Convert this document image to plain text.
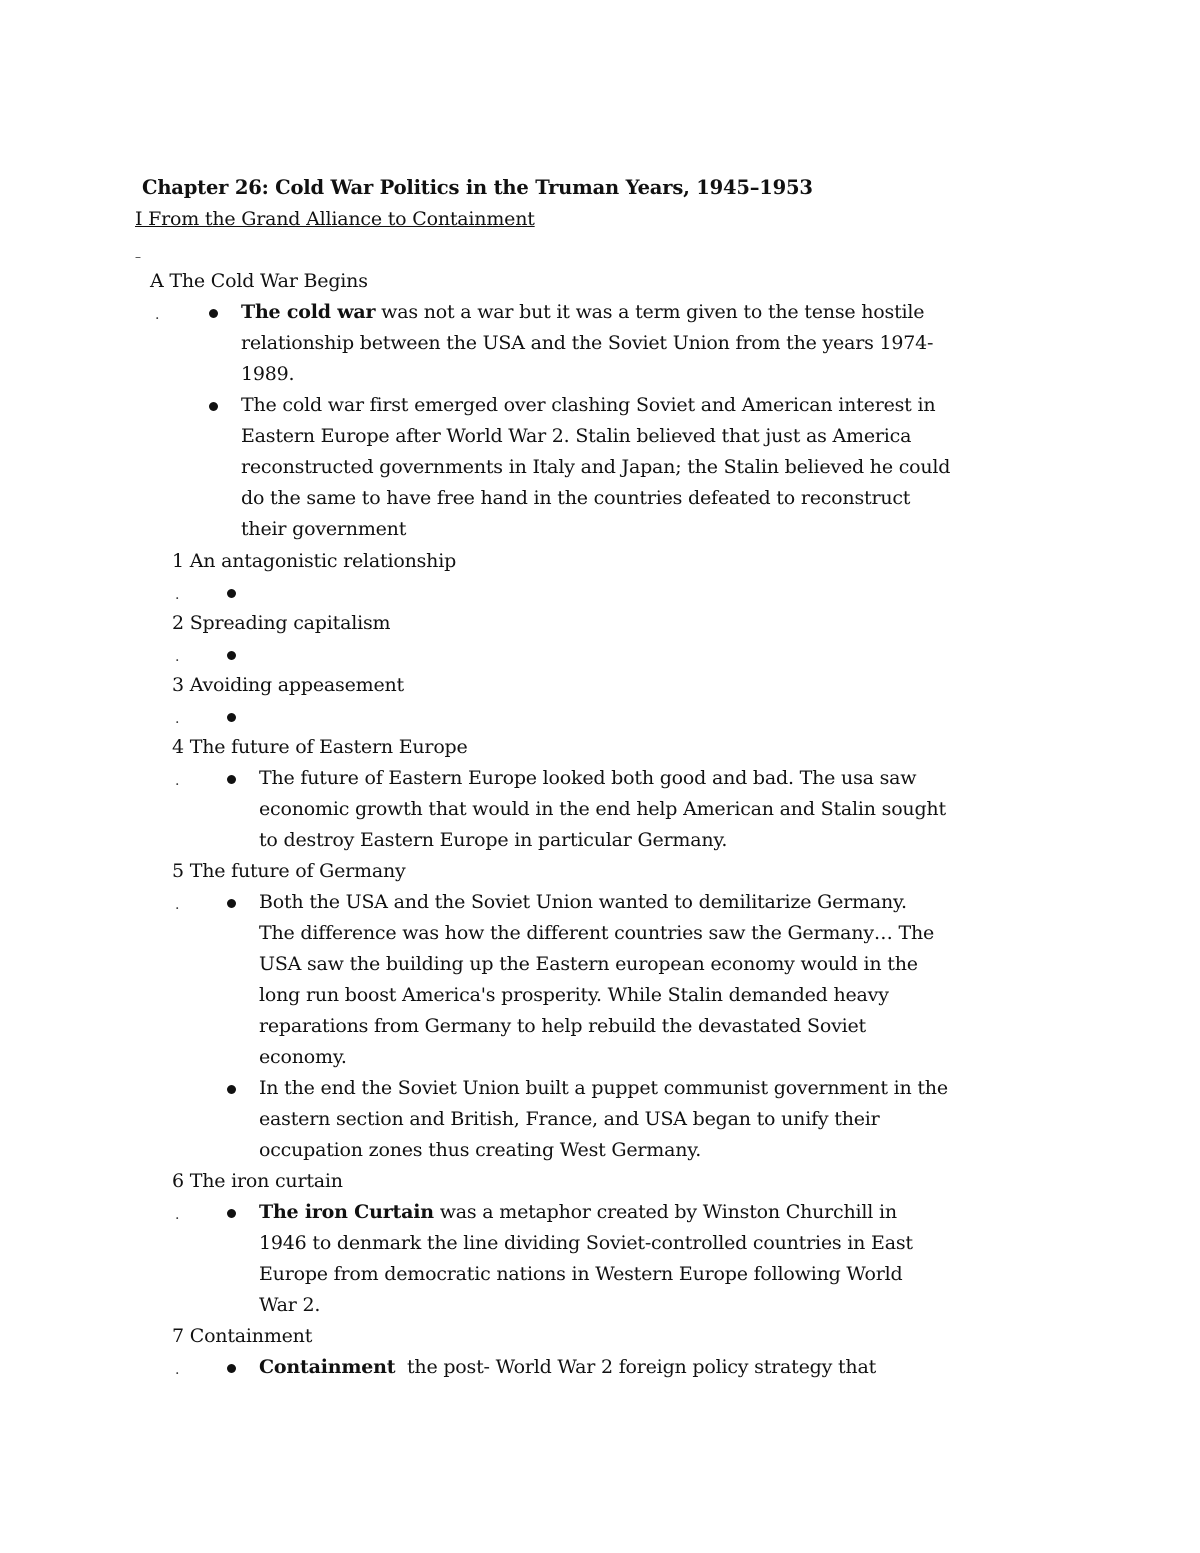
Chapter 26: Cold War Politics in the Truman Years, 1945–1953
I From the Grand Alliance to Containment
–
A The Cold War Begins
.	The cold war was not a war but it was a term given to the tense hostile
relationship between the USA and the Soviet Union from the years 1974-
1989.
The cold war first emerged over clashing Soviet and American interest in
Eastern Europe after World War 2. Stalin believed that just as America
reconstructed governments in Italy and Japan; the Stalin believed he could
do the same to have free hand in the countries defeated to reconstruct
their government
1 An antagonistic relationship
.
2 Spreading capitalism
.
3 Avoiding appeasement
.
4 The future of Eastern Europe
.	The future of Eastern Europe looked both good and bad. The usa saw
economic growth that would in the end help American and Stalin sought
to destroy Eastern Europe in particular Germany.
5 The future of Germany
.	Both the USA and the Soviet Union wanted to demilitarize Germany.
The difference was how the different countries saw the Germany… The
USA saw the building up the Eastern european economy would in the
long run boost America's prosperity. While Stalin demanded heavy
reparations from Germany to help rebuild the devastated Soviet
economy.
In the end the Soviet Union built a puppet communist government in the
eastern section and British, France, and USA began to unify their
occupation zones thus creating West Germany.
6 The iron curtain
.	The iron Curtain was a metaphor created by Winston Churchill in
1946 to denmark the line dividing Soviet-controlled countries in East
Europe from democratic nations in Western Europe following World
War 2.
7 Containment
.	Containment  the post- World War 2 foreign policy strategy that
